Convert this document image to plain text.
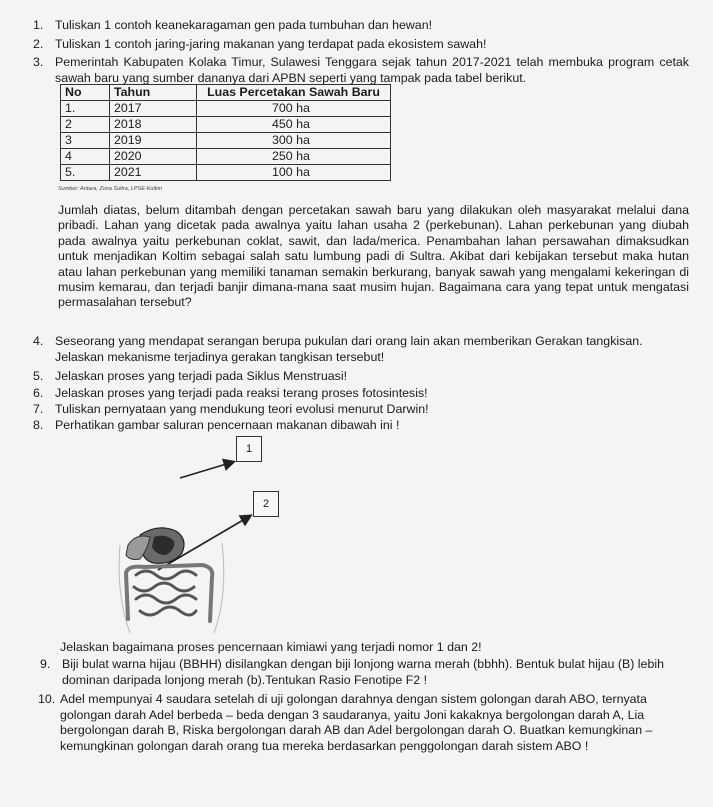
1. Tuliskan 1 contoh keanekaragaman gen pada tumbuhan dan hewan!
2. Tuliskan 1 contoh jaring-jaring makanan yang terdapat pada ekosistem sawah!
3. Pemerintah Kabupaten Kolaka Timur, Sulawesi Tenggara sejak tahun 2017-2021 telah membuka program cetak sawah baru yang sumber dananya dari APBN seperti yang tampak pada tabel berikut.
No	Tahun	Luas Percetakan Sawah Baru
1.	2017	700 ha
2	2018	450 ha
3	2019	300 ha
4	2020	250 ha
5.	2021	100 ha
Sumber: Antara, Zona Sultra, LPSE-Koltim
Jumlah diatas, belum ditambah dengan percetakan sawah baru yang dilakukan oleh masyarakat melalui dana pribadi. Lahan yang dicetak pada awalnya yaitu lahan usaha 2 (perkebunan). Lahan perkebunan yang diubah pada awalnya yaitu perkebunan coklat, sawit, dan lada/merica. Penambahan lahan persawahan dimaksudkan untuk menjadikan Koltim sebagai salah satu lumbung padi di Sultra. Akibat dari kebijakan tersebut maka hutan atau lahan perkebunan yang memiliki tanaman semakin berkurang, banyak sawah yang mengalami kekeringan di musim kemarau, dan terjadi banjir dimana-mana saat musim hujan. Bagaimana cara yang tepat untuk mengatasi permasalahan tersebut?
4. Seseorang yang mendapat serangan berupa pukulan dari orang lain akan memberikan Gerakan tangkisan. Jelaskan mekanisme terjadinya gerakan tangkisan tersebut!
5. Jelaskan proses yang terjadi pada Siklus Menstruasi!
6. Jelaskan proses yang terjadi pada reaksi terang proses fotosintesis!
7. Tuliskan pernyataan yang mendukung teori evolusi menurut Darwin!
8. Perhatikan gambar saluran pencernaan makanan dibawah ini !
1
2
Jelaskan bagaimana proses pencernaan kimiawi yang terjadi nomor 1 dan 2!
9. Biji bulat warna hijau (BBHH) disilangkan dengan biji lonjong warna merah (bbhh). Bentuk bulat hijau (B) lebih dominan daripada lonjong merah (b).Tentukan Rasio Fenotipe F2 !
10. Adel mempunyai 4 saudara setelah di uji golongan darahnya dengan sistem golongan darah ABO, ternyata golongan darah Adel berbeda – beda dengan 3 saudaranya, yaitu Joni kakaknya bergolongan darah A, Lia bergolongan darah B, Riska bergolongan darah AB dan Adel bergolongan darah O. Buatkan kemungkinan – kemungkinan golongan darah orang tua mereka berdasarkan penggolongan darah sistem ABO !
